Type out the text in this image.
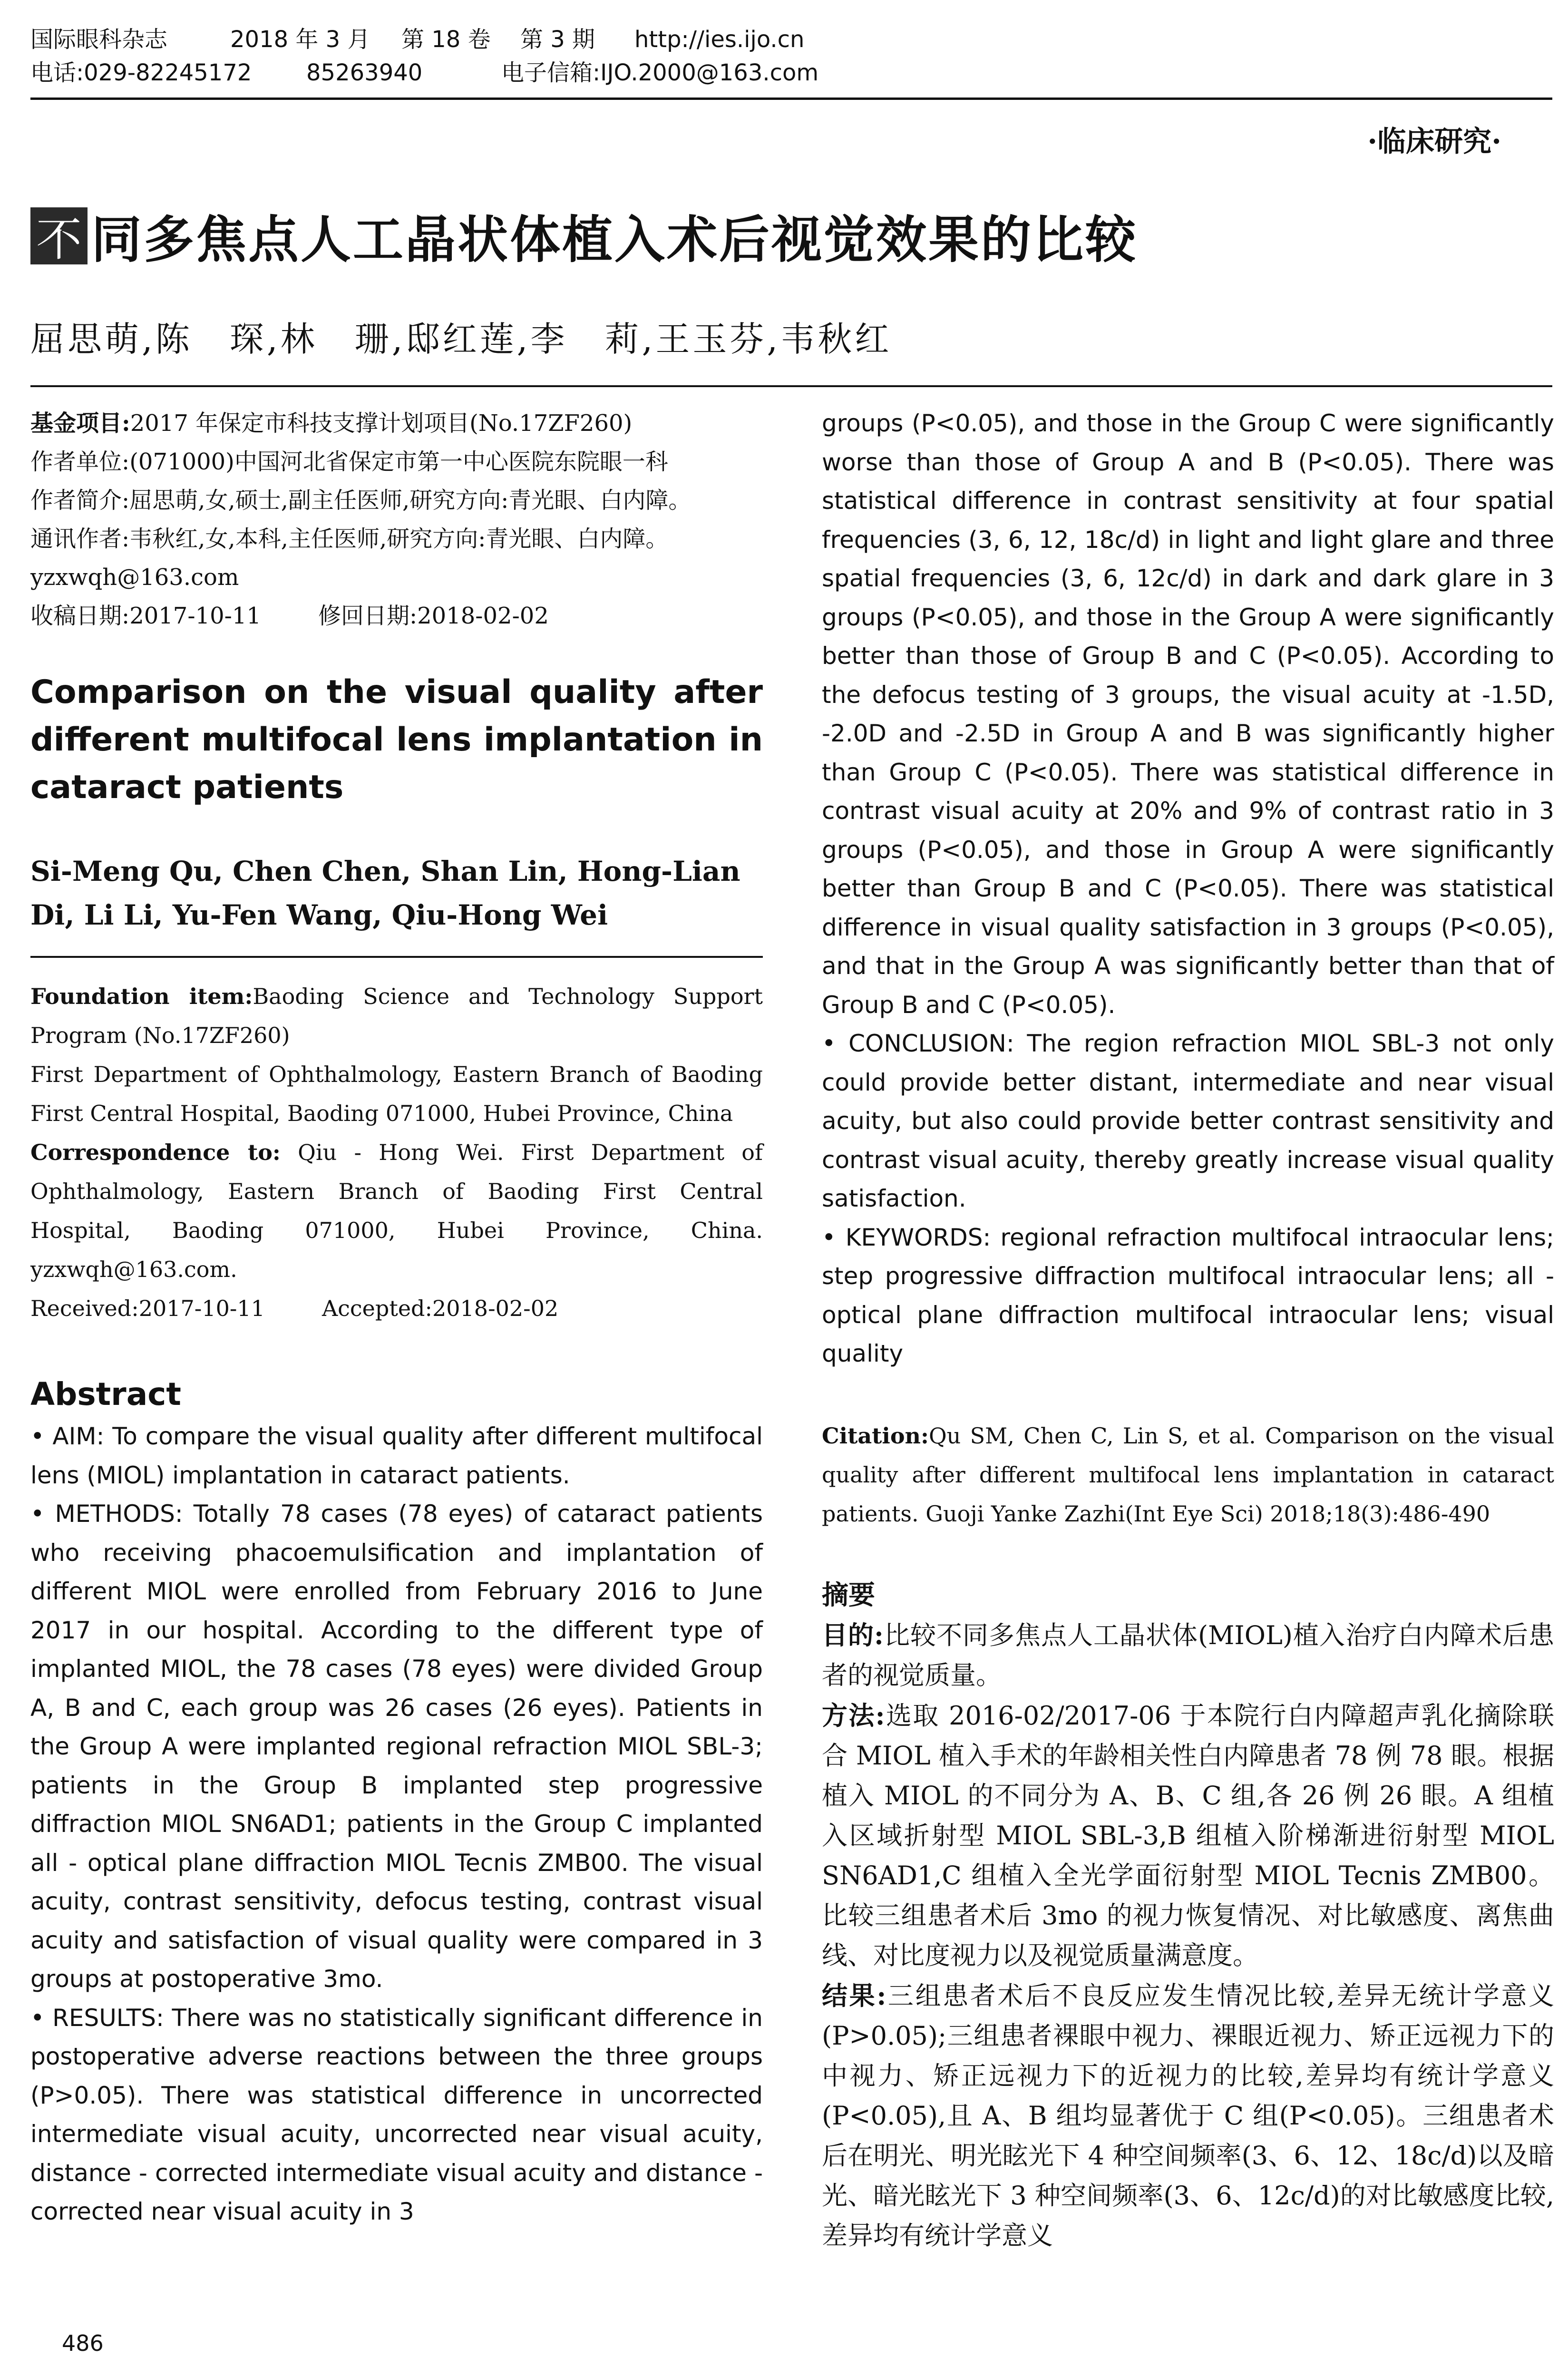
国际眼科杂志	2018 年 3 月	第 18 卷	第 3 期	http://ies.ijo.cn
电话:029-82245172	85263940	电子信箱:IJO.2000@163.com
·临床研究·
不 同多焦点人工晶状体植入术后视觉效果的比较
屈思萌,陈　琛,林　珊,邸红莲,李　莉,王玉芬,韦秋红

基金项目:2017 年保定市科技支撑计划项目(No.17ZF260)

作者单位:(071000)中国河北省保定市第一中心医院东院眼一科

作者简介:屈思萌,女,硕士,副主任医师,研究方向:青光眼、白内障。

通讯作者:韦秋红,女,本科,主任医师,研究方向:青光眼、白内障。yzxwqh@163.com

收稿日期:2017-10-11	修回日期:2018-02-02

Comparison on the visual quality after different multifocal lens implantation in cataract patients
Si-Meng Qu, Chen Chen, Shan Lin, Hong-Lian Di, Li Li, Yu-Fen Wang, Qiu-Hong Wei

Foundation item:Baoding Science and Technology Support Program (No.17ZF260)

First Department of Ophthalmology, Eastern Branch of Baoding First Central Hospital, Baoding 071000, Hubei Province, China

Correspondence to: Qiu - Hong Wei. First Department of Ophthalmology, Eastern Branch of Baoding First Central Hospital, Baoding 071000, Hubei Province, China. yzxwqh@163.com.

Received:2017-10-11	Accepted:2018-02-02

Abstract

• AIM: To compare the visual quality after different multifocal lens (MIOL) implantation in cataract patients.

• METHODS: Totally 78 cases (78 eyes) of cataract patients who receiving phacoemulsification and implantation of different MIOL were enrolled from February 2016 to June 2017 in our hospital. According to the different type of implanted MIOL, the 78 cases (78 eyes) were divided Group A, B and C, each group was 26 cases (26 eyes). Patients in the Group A were implanted regional refraction MIOL SBL-3; patients in the Group B implanted step progressive diffraction MIOL SN6AD1; patients in the Group C implanted all - optical plane diffraction MIOL Tecnis ZMB00. The visual acuity, contrast sensitivity, defocus testing, contrast visual acuity and satisfaction of visual quality were compared in 3 groups at postoperative 3mo.

• RESULTS: There was no statistically significant difference in postoperative adverse reactions between the three groups (P>0.05). There was statistical difference in uncorrected intermediate visual acuity, uncorrected near visual acuity, distance - corrected intermediate visual acuity and distance - corrected near visual acuity in 3

groups (P<0.05), and those in the Group C were significantly worse than those of Group A and B (P<0.05). There was statistical difference in contrast sensitivity at four spatial frequencies (3, 6, 12, 18c/d) in light and light glare and three spatial frequencies (3, 6, 12c/d) in dark and dark glare in 3 groups (P<0.05), and those in the Group A were significantly better than those of Group B and C (P<0.05). According to the defocus testing of 3 groups, the visual acuity at -1.5D, -2.0D and -2.5D in Group A and B was significantly higher than Group C (P<0.05). There was statistical difference in contrast visual acuity at 20% and 9% of contrast ratio in 3 groups (P<0.05), and those in Group A were significantly better than Group B and C (P<0.05). There was statistical difference in visual quality satisfaction in 3 groups (P<0.05), and that in the Group A was significantly better than that of Group B and C (P<0.05).

• CONCLUSION: The region refraction MIOL SBL-3 not only could provide better distant, intermediate and near visual acuity, but also could provide better contrast sensitivity and contrast visual acuity, thereby greatly increase visual quality satisfaction.

• KEYWORDS: regional refraction multifocal intraocular lens; step progressive diffraction multifocal intraocular lens; all - optical plane diffraction multifocal intraocular lens; visual quality

Citation:Qu SM, Chen C, Lin S, et al. Comparison on the visual quality after different multifocal lens implantation in cataract patients. Guoji Yanke Zazhi(Int Eye Sci) 2018;18(3):486-490
摘要

目的:比较不同多焦点人工晶状体(MIOL)植入治疗白内障术后患者的视觉质量。

方法:选取 2016-02/2017-06 于本院行白内障超声乳化摘除联合 MIOL 植入手术的年龄相关性白内障患者 78 例 78 眼。根据植入 MIOL 的不同分为 A、B、C 组,各 26 例 26 眼。A 组植入区域折射型 MIOL SBL-3,B 组植入阶梯渐进衍射型 MIOL SN6AD1,C 组植入全光学面衍射型 MIOL Tecnis ZMB00。比较三组患者术后 3mo 的视力恢复情况、对比敏感度、离焦曲线、对比度视力以及视觉质量满意度。

结果:三组患者术后不良反应发生情况比较,差异无统计学意义(P>0.05);三组患者裸眼中视力、裸眼近视力、矫正远视力下的中视力、矫正远视力下的近视力的比较,差异均有统计学意义(P<0.05),且 A、B 组均显著优于 C 组(P<0.05)。三组患者术后在明光、明光眩光下 4 种空间频率(3、6、12、18c/d)以及暗光、暗光眩光下 3 种空间频率(3、6、12c/d)的对比敏感度比较,差异均有统计学意义

486
